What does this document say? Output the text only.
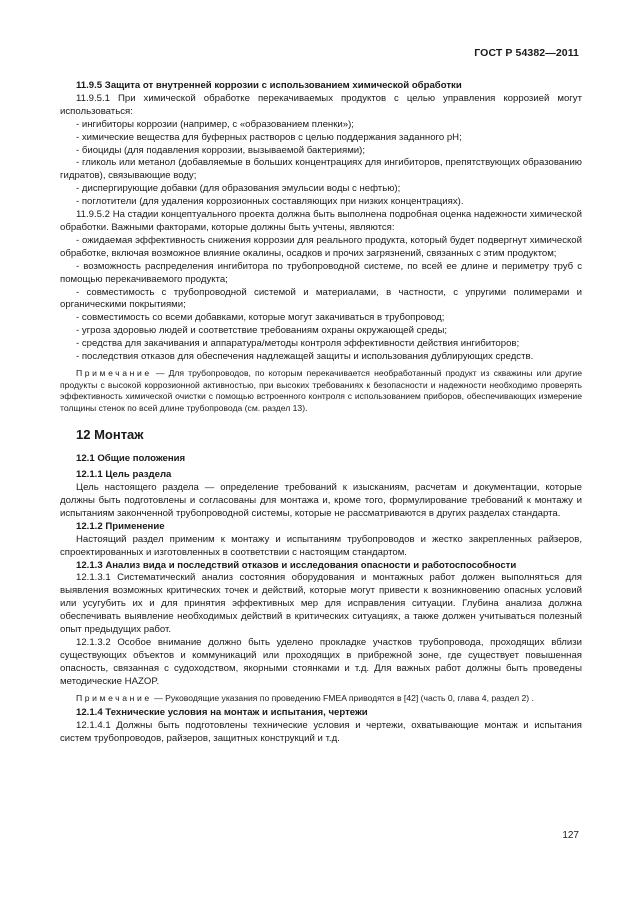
ГОСТ Р 54382—2011

11.9.5 Защита от внутренней коррозии с использованием химической обработки

11.9.5.1 При химической обработке перекачиваемых продуктов с целью управления коррозией могут использоваться:

- ингибиторы коррозии (например, с «образованием пленки»);

- химические вещества для буферных растворов с целью поддержания заданного pH;

- биоциды (для подавления коррозии, вызываемой бактериями);

- гликоль или метанол (добавляемые в больших концентрациях для ингибиторов, препятствующих образованию гидратов), связывающие воду;

- диспергирующие добавки (для образования эмульсии воды с нефтью);

- поглотители (для удаления коррозионных составляющих при низких концентрациях).

11.9.5.2 На стадии концептуального проекта должна быть выполнена подробная оценка надежности химической обработки. Важными факторами, которые должны быть учтены, являются:

- ожидаемая эффективность снижения коррозии для реального продукта, который будет подвергнут химической обработке, включая возможное влияние окалины, осадков и прочих загрязнений, связанных с этим продуктом;

- возможность распределения ингибитора по трубопроводной системе, по всей ее длине и периметру труб с помощью перекачиваемого продукта;

- совместимость с трубопроводной системой и материалами, в частности, с упругими полимерами и органическими покрытиями;

- совместимость со всеми добавками, которые могут закачиваться в трубопровод;

- угроза здоровью людей и соответствие требованиям охраны окружающей среды;

- средства для закачивания и аппаратура/методы контроля эффективности действия ингибиторов;

- последствия отказов для обеспечения надлежащей защиты и использования дублирующих средств.

Примечание — Для трубопроводов, по которым перекачивается необработанный продукт из скважины или другие продукты с высокой коррозионной активностью, при высоких требованиях к безопасности и надежности необходимо проверять эффективность химической очистки с помощью встроенного контроля с использованием приборов, обеспечивающих измерение толщины стенок по всей длине трубопровода (см. раздел 13).

12 Монтаж

12.1 Общие положения

12.1.1 Цель раздела

Цель настоящего раздела — определение требований к изысканиям, расчетам и документации, которые должны быть подготовлены и согласованы для монтажа и, кроме того, формулирование требований к монтажу и испытаниям законченной трубопроводной системы, которые не рассматриваются в других разделах стандарта.

12.1.2 Применение

Настоящий раздел применим к монтажу и испытаниям трубопроводов и жестко закрепленных райзеров, спроектированных и изготовленных в соответствии с настоящим стандартом.

12.1.3 Анализ вида и последствий отказов и исследования опасности и работоспособности

12.1.3.1 Систематический анализ состояния оборудования и монтажных работ должен выполняться для выявления возможных критических точек и действий, которые могут привести к возникновению опасных условий или усугубить их и для принятия эффективных мер для исправления ситуации. Глубина анализа должна обеспечивать выявление необходимых действий в критических ситуациях, а также должен учитываться полезный опыт предыдущих работ.

12.1.3.2 Особое внимание должно быть уделено прокладке участков трубопровода, проходящих вблизи существующих объектов и коммуникаций или проходящих в прибрежной зоне, где существует повышенная опасность, связанная с судоходством, якорными стоянками и т.д. Для важных работ должны быть проведены методические HAZOP.

Примечание — Руководящие указания по проведению FMEA приводятся в [42] (часть 0, глава 4, раздел 2) .

12.1.4 Технические условия на монтаж и испытания, чертежи

12.1.4.1 Должны быть подготовлены технические условия и чертежи, охватывающие монтаж и испытания систем трубопроводов, райзеров, защитных конструкций и т.д.

127
